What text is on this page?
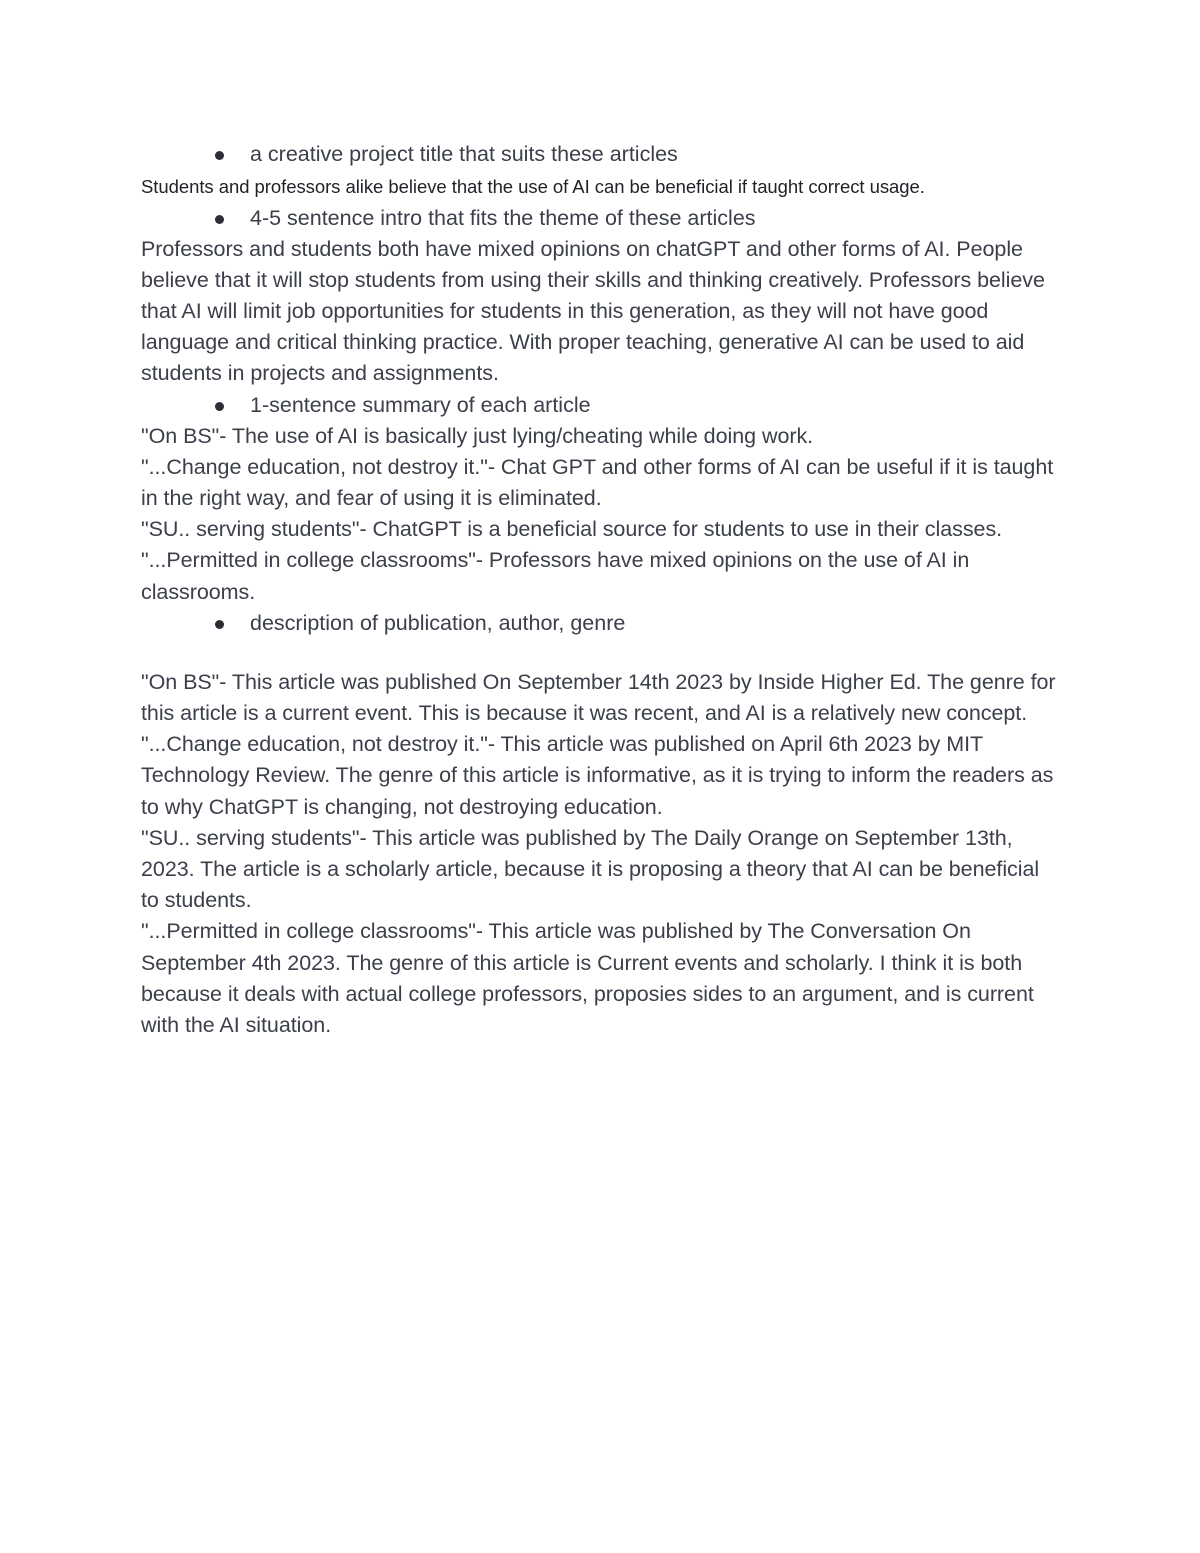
a creative project title that suits these articles

Students and professors alike believe that the use of AI can be beneficial if taught correct usage.

4-5 sentence intro that fits the theme of these articles

Professors and students both have mixed opinions on chatGPT and other forms of AI. People believe that it will stop students from using their skills and thinking creatively. Professors believe that AI will limit job opportunities for students in this generation, as they will not have good language and critical thinking practice. With proper teaching, generative AI can be used to aid students in projects and assignments.

1-sentence summary of each article

"On BS"- The use of AI is basically just lying/cheating while doing work.

"...Change education, not destroy it."- Chat GPT and other forms of AI can be useful if it is taught in the right way, and fear of using it is eliminated.

"SU.. serving students"- ChatGPT is a beneficial source for students to use in their classes.

"...Permitted in college classrooms"- Professors have mixed opinions on the use of AI in classrooms.

description of publication, author, genre

"On BS"- This article was published On September 14th 2023 by Inside Higher Ed. The genre for this article is a current event. This is because it was recent, and AI is a relatively new concept.

"...Change education, not destroy it."- This article was published on April 6th 2023 by MIT Technology Review. The genre of this article is informative, as it is trying to inform the readers as to why ChatGPT is changing, not destroying education.

"SU.. serving students"- This article was published by The Daily Orange on September 13th, 2023. The article is a scholarly article, because it is proposing a theory that AI can be beneficial to students.

"...Permitted in college classrooms"- This article was published by The Conversation On September 4th 2023. The genre of this article is Current events and scholarly. I think it is both because it deals with actual college professors, proposies sides to an argument, and is current with the AI situation.
